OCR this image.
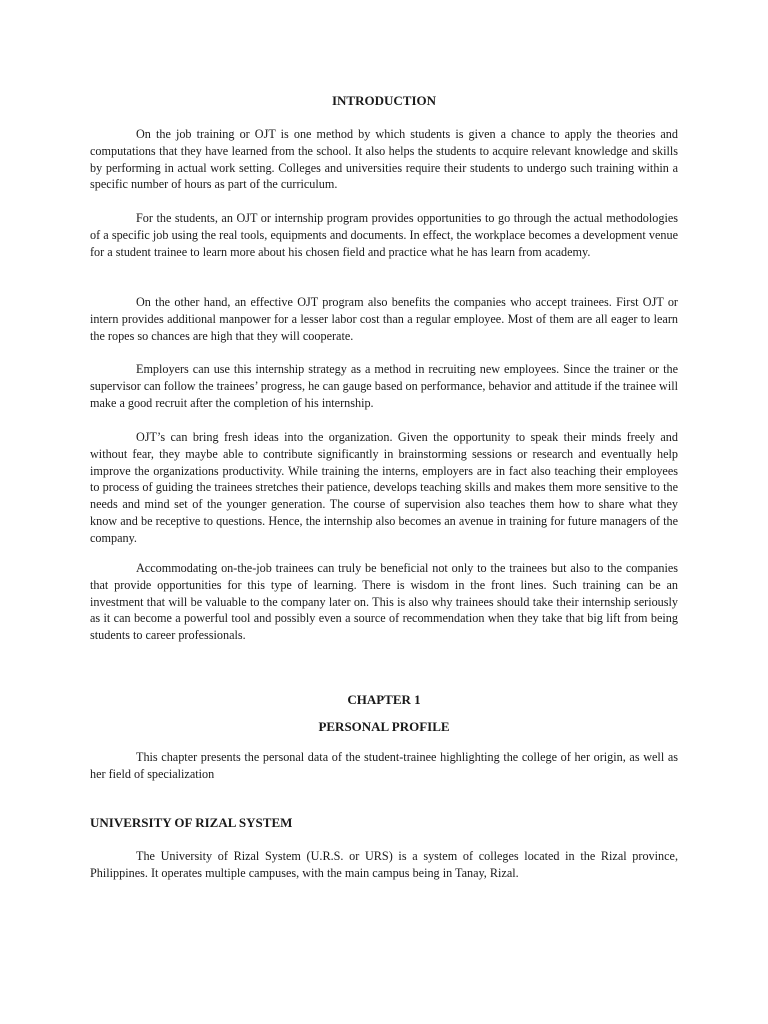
INTRODUCTION

On the job training or OJT is one method by which students is given a chance to apply the theories and computations that they have learned from the school. It also helps the students to acquire relevant knowledge and skills by performing in actual work setting. Colleges and universities require their students to undergo such training within a specific number of hours as part of the curriculum.

For the students, an OJT or internship program provides opportunities to go through the actual methodologies of a specific job using the real tools, equipments and documents. In effect, the workplace becomes a development venue for a student trainee to learn more about his chosen field and practice what he has learn from academy.

On the other hand, an effective OJT program also benefits the companies who accept trainees. First OJT or intern provides additional manpower for a lesser labor cost than a regular employee. Most of them are all eager to learn the ropes so chances are high that they will cooperate.

Employers can use this internship strategy as a method in recruiting new employees. Since the trainer or the supervisor can follow the trainees’ progress, he can gauge based on performance, behavior and attitude if the trainee will make a good recruit after the completion of his internship.

OJT’s can bring fresh ideas into the organization. Given the opportunity to speak their minds freely and without fear, they maybe able to contribute significantly in brainstorming sessions or research and eventually help improve the organizations productivity. While training the interns, employers are in fact also teaching their employees to process of guiding the trainees stretches their patience, develops teaching skills and makes them more sensitive to the needs and mind set of the younger generation. The course of supervision also teaches them how to share what they know and be receptive to questions. Hence, the internship also becomes an avenue in training for future managers of the company.

Accommodating on-the-job trainees can truly be beneficial not only to the trainees but also to the companies that provide opportunities for this type of learning. There is wisdom in the front lines. Such training can be an investment that will be valuable to the company later on. This is also why trainees should take their internship seriously as it can become a powerful tool and possibly even a source of recommendation when they take that big lift from being students to career professionals.

CHAPTER 1
PERSONAL PROFILE

This chapter presents the personal data of the student-trainee highlighting the college of her origin, as well as her field of specialization

UNIVERSITY OF RIZAL SYSTEM

The University of Rizal System (U.R.S. or URS) is a system of colleges located in the Rizal province, Philippines. It operates multiple campuses, with the main campus being in Tanay, Rizal.
